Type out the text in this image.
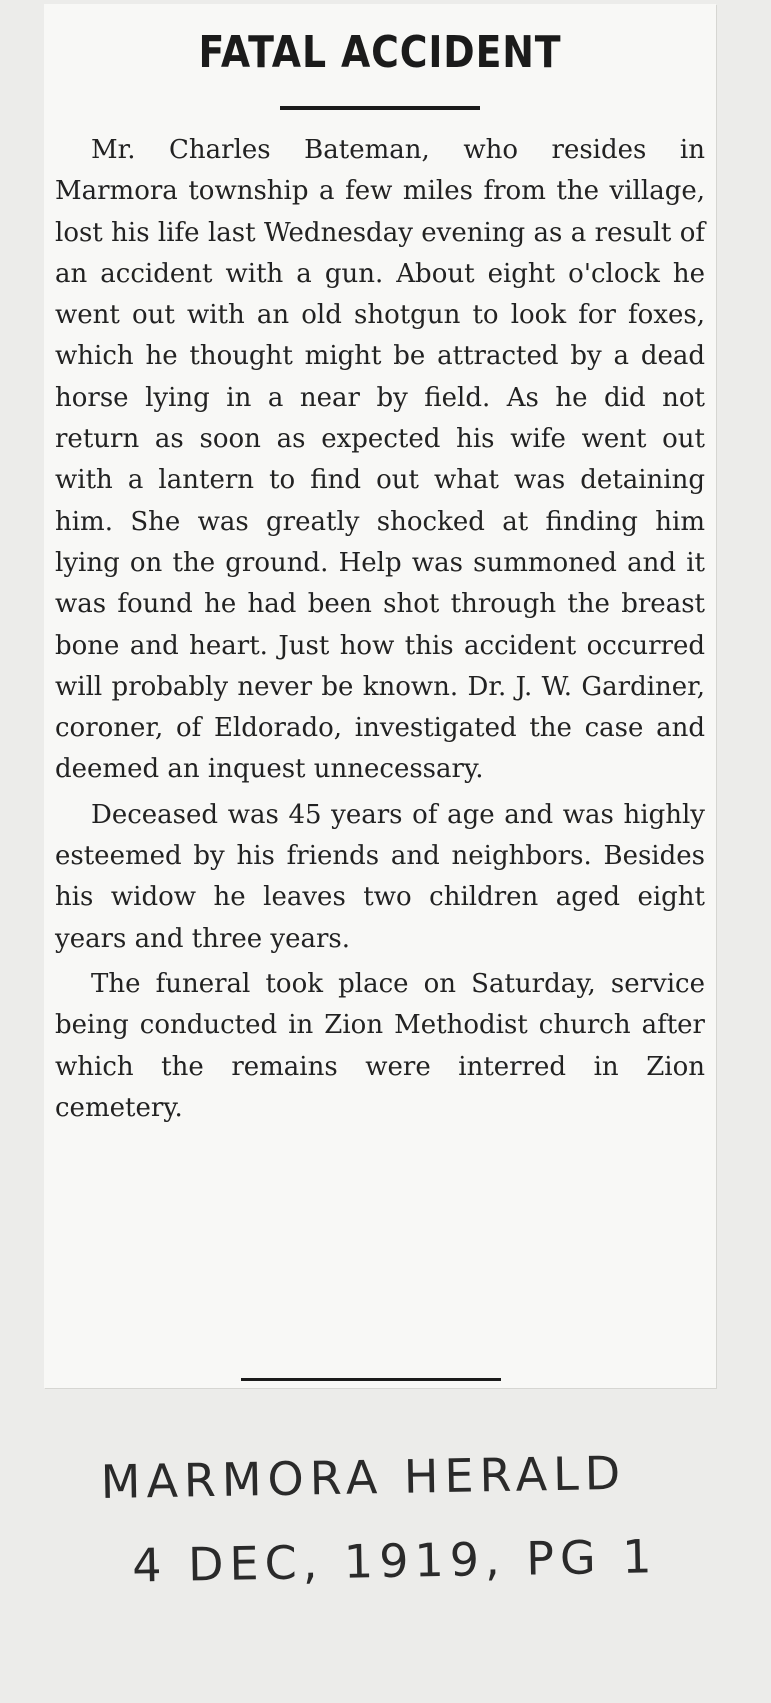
FATAL ACCIDENT

Mr. Charles Bateman, who resides in Marmora township a few miles from the village, lost his life last Wednesday evening as a result of an accident with a gun. About eight o'clock he went out with an old shotgun to look for foxes, which he thought might be attracted by a dead horse lying in a near by field. As he did not return as soon as expected his wife went out with a lantern to find out what was detaining him. She was greatly shocked at finding him lying on the ground. Help was summoned and it was found he had been shot through the breast bone and heart. Just how this accident occurred will probably never be known. Dr. J. W. Gardiner, coroner, of Eldorado, investigated the case and deemed an inquest unnecessary.

Deceased was 45 years of age and was highly esteemed by his friends and neighbors. Besides his widow he leaves two children aged eight years and three years.

The funeral took place on Saturday, service being conducted in Zion Methodist church after which the remains were interred in Zion cemetery.

MARMORA HERALD
4 DEC, 1919, PG 1
